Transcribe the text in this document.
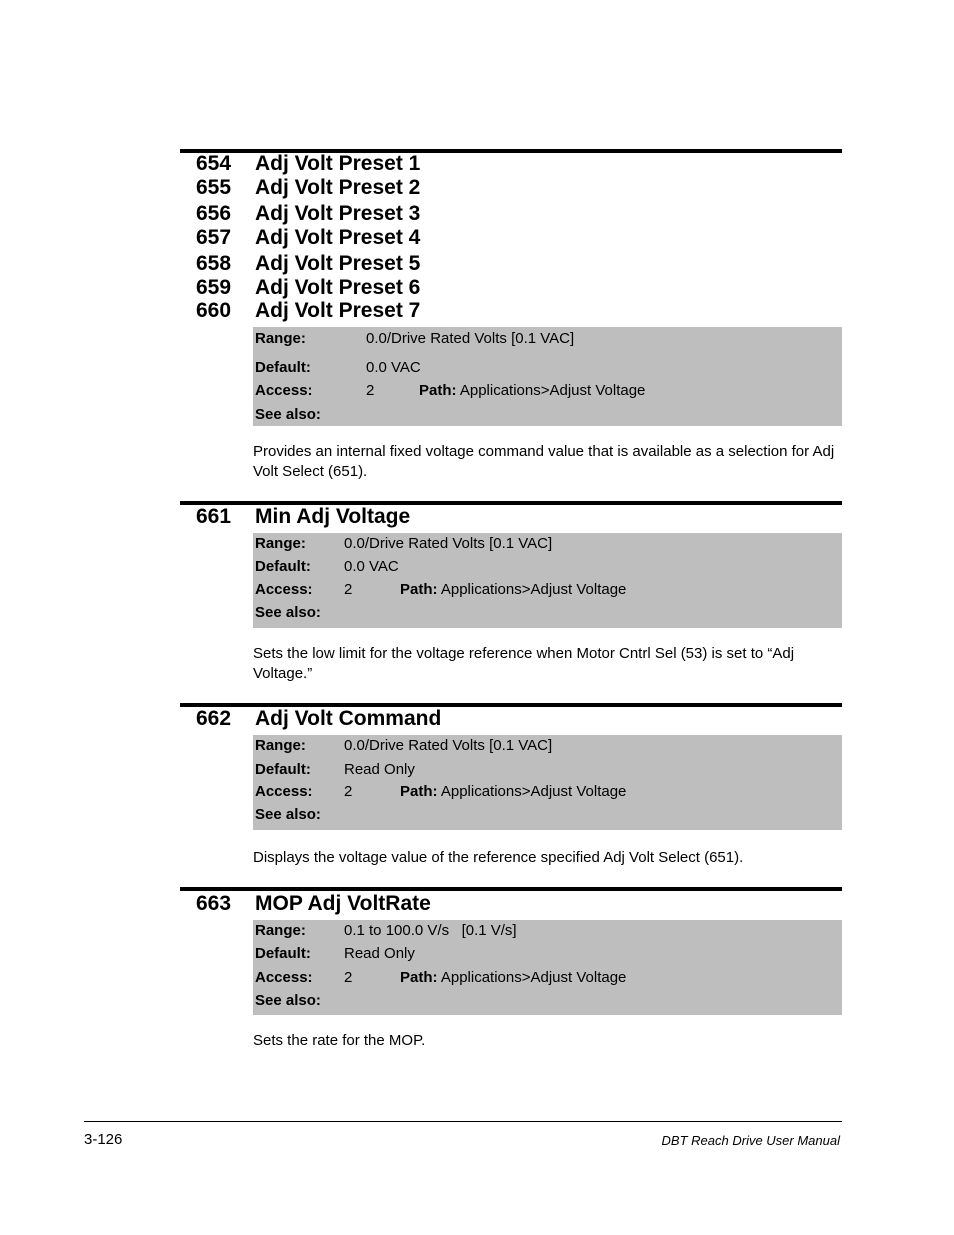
654 Adj Volt Preset 1
655 Adj Volt Preset 2
656 Adj Volt Preset 3
657 Adj Volt Preset 4
658 Adj Volt Preset 5
659 Adj Volt Preset 6
660 Adj Volt Preset 7
Range:	0.0/Drive Rated Volts [0.1 VAC]
Default:	0.0 VAC
Access:	2	Path: Applications>Adjust Voltage
See also:
Provides an internal fixed voltage command value that is available as a selection for Adj Volt Select (651).
661 Min Adj Voltage
Range:	0.0/Drive Rated Volts [0.1 VAC]
Default: 0.0 VAC
Access: 2	Path: Applications>Adjust Voltage
See also:
Sets the low limit for the voltage reference when Motor Cntrl Sel (53) is set to “Adj Voltage.”
662 Adj Volt Command
Range:	0.0/Drive Rated Volts [0.1 VAC]
Default: Read Only
Access: 2	Path: Applications>Adjust Voltage
See also:
Displays the voltage value of the reference specified Adj Volt Select (651).
663 MOP Adj VoltRate
Range:	0.1 to 100.0 V/s   [0.1 V/s]
Default: Read Only
Access: 2	Path: Applications>Adjust Voltage
See also:
Sets the rate for the MOP.
3-126	DBT Reach Drive User Manual
